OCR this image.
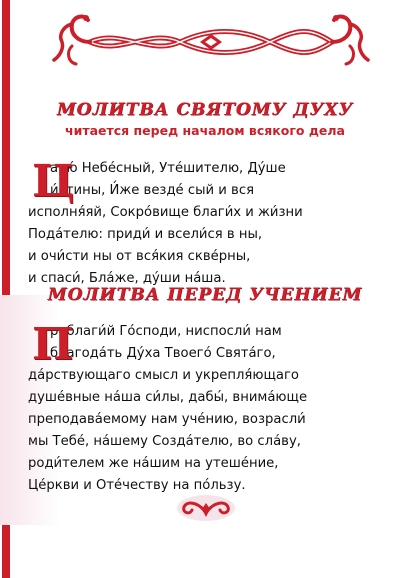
МОЛИТВА СВЯТОМУ ДУХУ
читается перед началом всякого дела
Ц
арю́ Небе́сный, Уте́шителю, Ду́ше
и́стины, И́же везде́ сый и вся
исполня́яй, Сокро́вище благи́х и жи́зни
Пода́телю: приди́ и всели́ся в ны,
и очи́сти ны от вся́кия скве́рны,
и спаси́, Бла́же, ду́ши на́ша.
МОЛИТВА ПЕРЕД УЧЕНИЕМ
П
реблаги́й Го́споди, ниспосли́ нам
благода́ть Ду́ха Твоего́ Свята́го,
да́рствующаго смысл и укрепля́ющаго
душе́вные на́ша си́лы, дабы́, внима́юще
преподава́емому нам уче́нию, возрасли́
мы Тебе́, на́шему Созда́телю, во сла́ву,
роди́телем же на́шим на утеше́ние,
Це́ркви и Оте́честву на по́льзу.
